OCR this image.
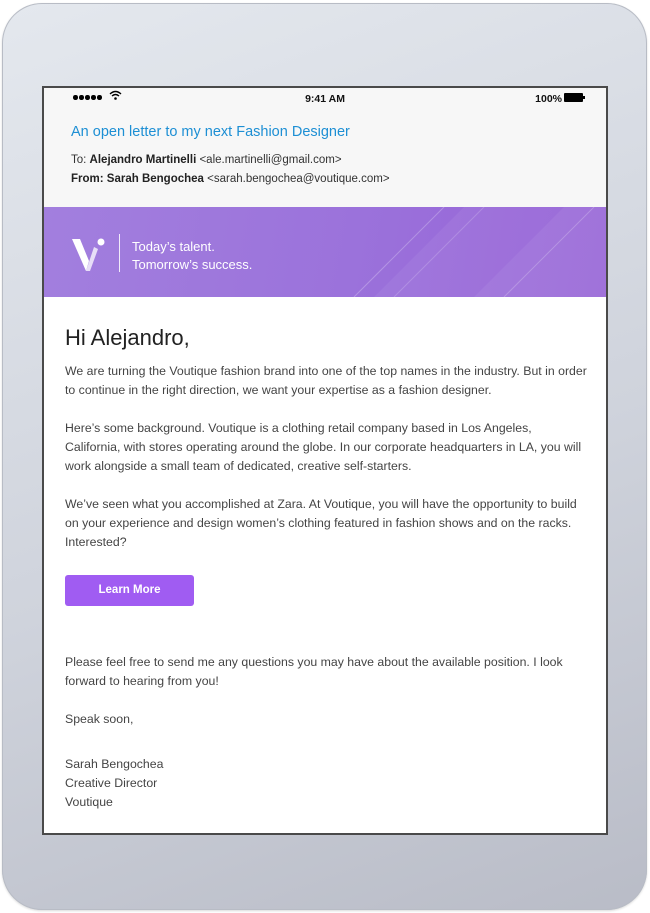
9:41 AM	100%
An open letter to my next Fashion Designer
To: Alejandro Martinelli <ale.martinelli@gmail.com>
From: Sarah Bengochea <sarah.bengochea@voutique.com>
Today’s talent.
Tomorrow’s success.
Hi Alejandro,

We are turning the Voutique fashion brand into one of the top names in the industry. But in order to continue in the right direction, we want your expertise as a fashion designer.

Here’s some background. Voutique is a clothing retail company based in Los Angeles, California, with stores operating around the globe. In our corporate headquarters in LA, you will work alongside a small team of dedicated, creative self-starters.

We’ve seen what you accomplished at Zara. At Voutique, you will have the opportunity to build on your experience and design women’s clothing featured in fashion shows and on the racks. Interested?

Learn More

Please feel free to send me any questions you may have about the available position. I look forward to hearing from you!

Speak soon,
Sarah Bengochea
Creative Director
Voutique
